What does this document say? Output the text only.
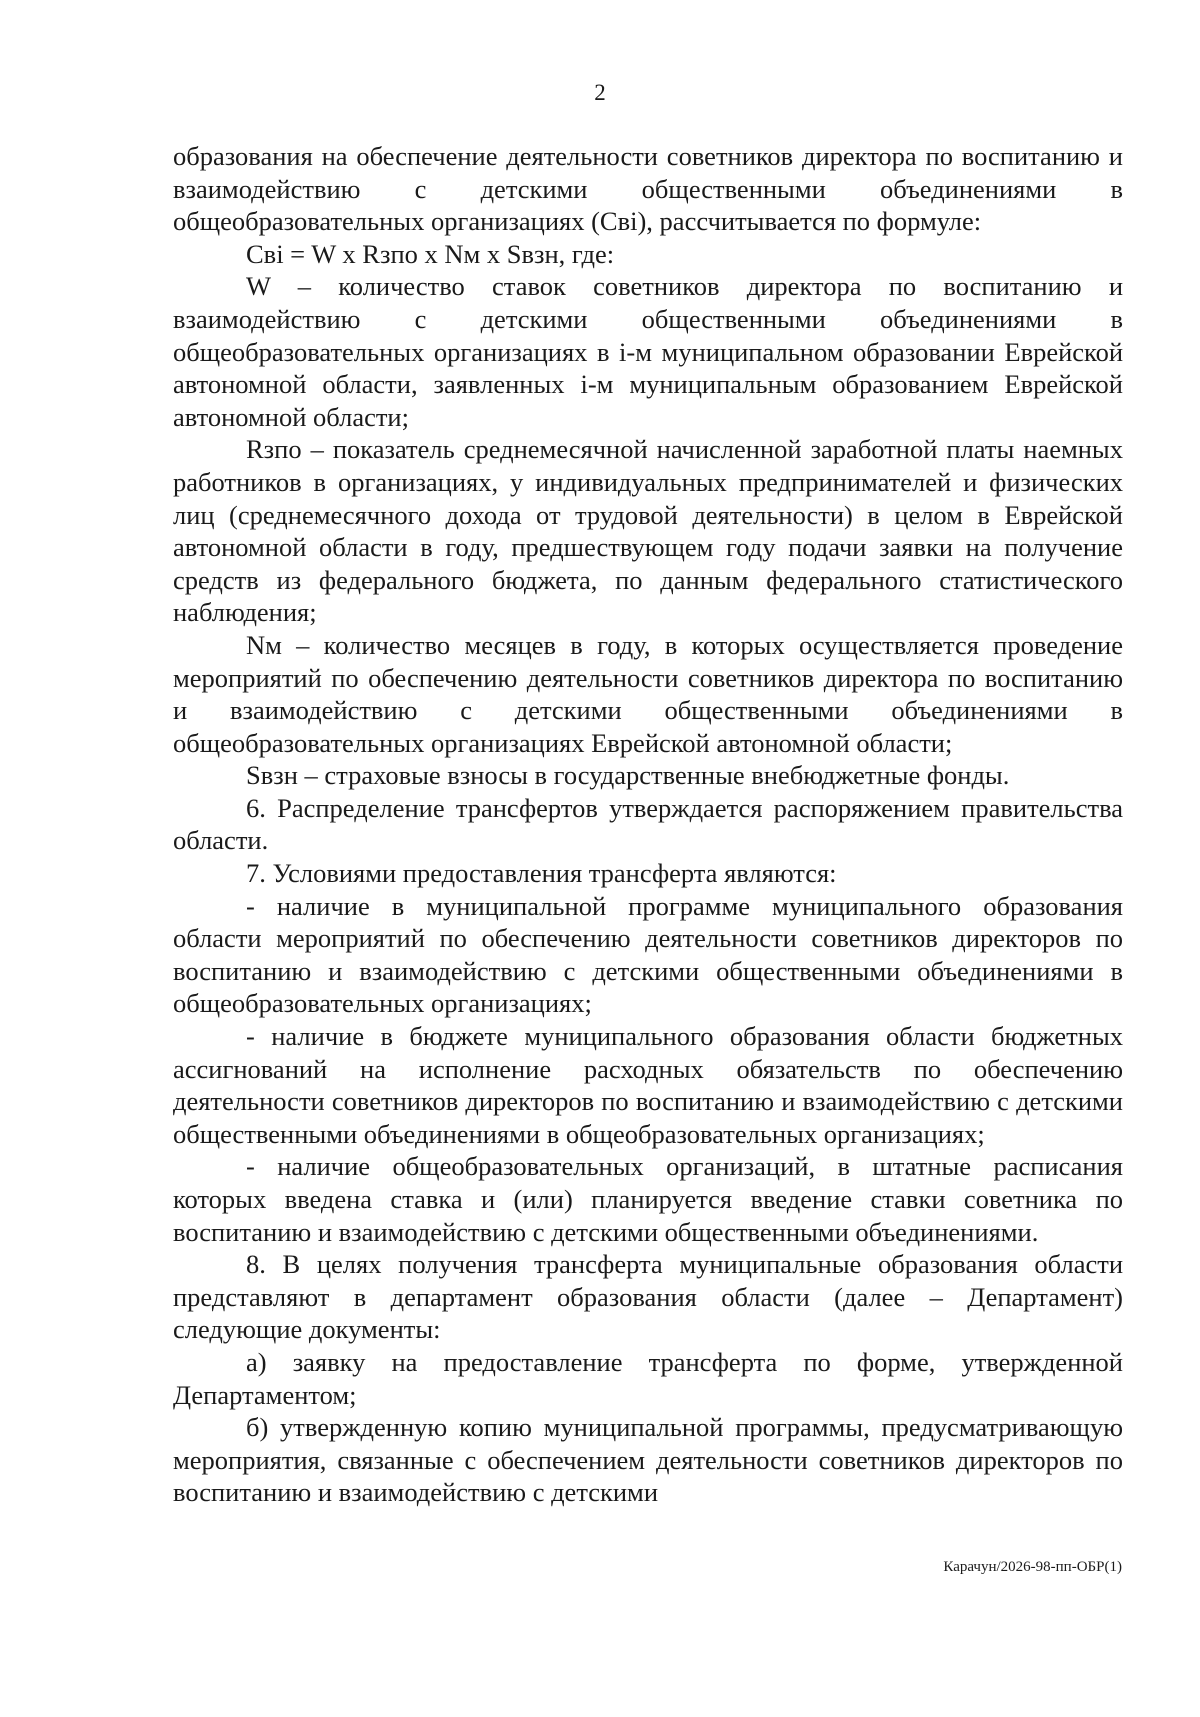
2

образования на обеспечение деятельности советников директора по воспитанию и взаимодействию с детскими общественными объединениями в общеобразовательных организациях (Свi), рассчитывается по формуле:

Свi = W x Rзпо x Nм x Sвзн, где:

W – количество ставок советников директора по воспитанию и взаимодействию с детскими общественными объединениями в общеобразовательных организациях в i-м муниципальном образовании Еврейской автономной области, заявленных i-м муниципальным образованием Еврейской автономной области;

Rзпо – показатель среднемесячной начисленной заработной платы наемных работников в организациях, у индивидуальных предпринимателей и физических лиц (среднемесячного дохода от трудовой деятельности) в целом в Еврейской автономной области в году, предшествующем году подачи заявки на получение средств из федерального бюджета, по данным федерального статистического наблюдения;

Nм – количество месяцев в году, в которых осуществляется проведение мероприятий по обеспечению деятельности советников директора по воспитанию и взаимодействию с детскими общественными объединениями в общеобразовательных организациях Еврейской автономной области;

Sвзн – страховые взносы в государственные внебюджетные фонды.

6. Распределение трансфертов утверждается распоряжением правительства области.

7. Условиями предоставления трансферта являются:

- наличие в муниципальной программе муниципального образования области мероприятий по обеспечению деятельности советников директоров по воспитанию и взаимодействию с детскими общественными объединениями в общеобразовательных организациях;

- наличие в бюджете муниципального образования области бюджетных ассигнований на исполнение расходных обязательств по обеспечению деятельности советников директоров по воспитанию и взаимодействию с детскими общественными объединениями в общеобразовательных организациях;

- наличие общеобразовательных организаций, в штатные расписания которых введена ставка и (или) планируется введение ставки советника по воспитанию и взаимодействию с детскими общественными объединениями.

8. В целях получения трансферта муниципальные образования области представляют в департамент образования области (далее – Департамент) следующие документы:

а) заявку на предоставление трансферта по форме, утвержденной Департаментом;

б) утвержденную копию муниципальной программы, предусматривающую мероприятия, связанные с обеспечением деятельности советников директоров по воспитанию и взаимодействию с детскими

Карачун/2026-98-пп-ОБР(1)
